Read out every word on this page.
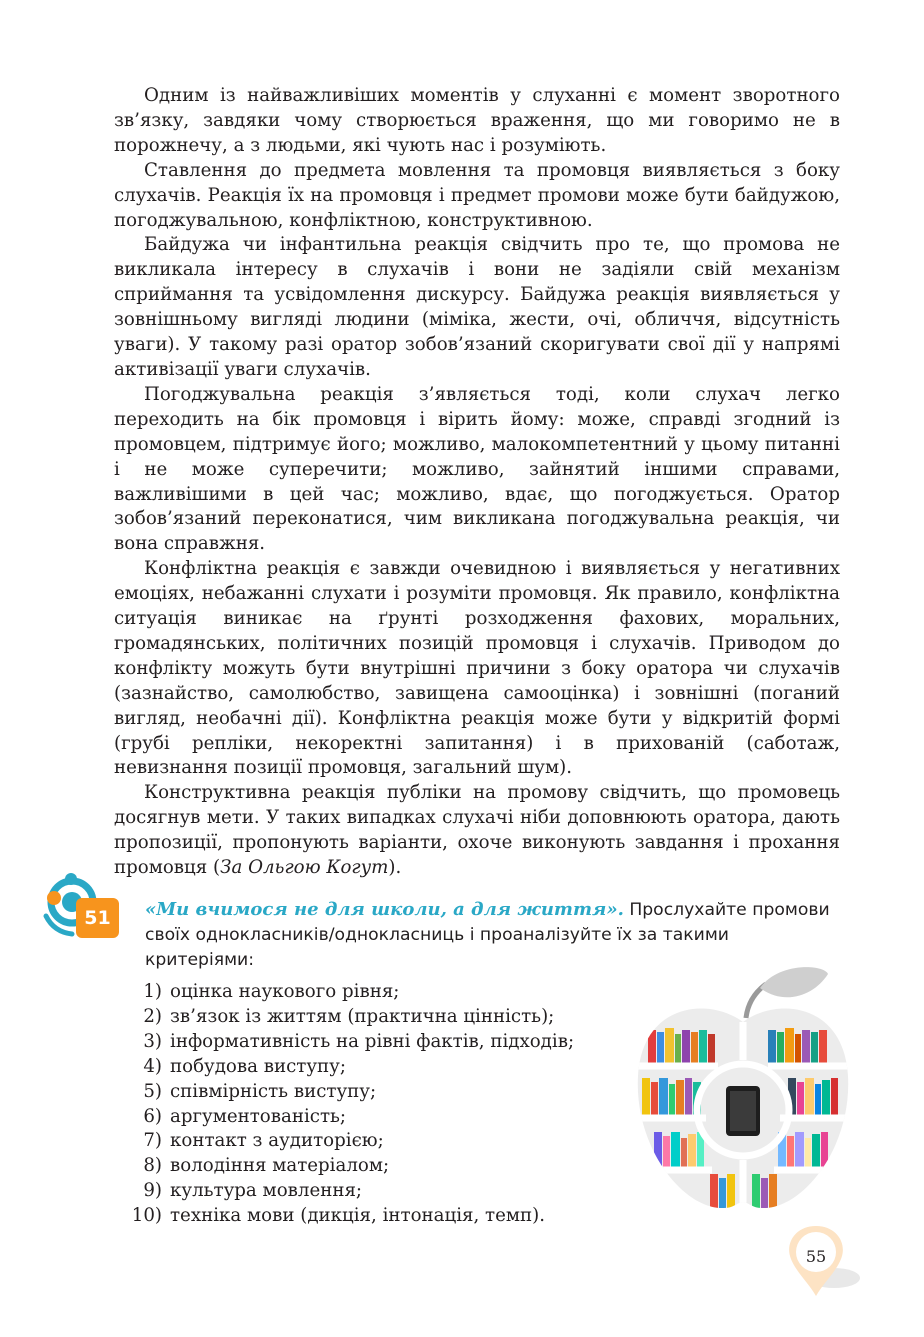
Одним із найважливіших моментів у слуханні є момент зворотного зв’язку, завдяки чому створюється враження, що ми говоримо не в порожнечу, а з людьми, які чують нас і розуміють.

Ставлення до предмета мовлення та промовця виявляється з боку слухачів. Реакція їх на промовця і предмет промови може бути байдужою, погоджувальною, конфліктною, конструктивною.

Байдужа чи інфантильна реакція свідчить про те, що промова не викликала інтересу в слухачів і вони не задіяли свій механізм сприймання та усвідомлення дискурсу. Байдужа реакція виявляється у зовнішньому вигляді людини (міміка, жести, очі, обличчя, відсутність уваги). У такому разі оратор зобов’язаний скоригувати свої дії у напрямі активізації уваги слухачів.

Погоджувальна реакція з’являється тоді, коли слухач легко переходить на бік промовця і вірить йому: може, справді згодний із промовцем, підтримує його; можливо, малокомпетентний у цьому питанні і не може суперечити; можливо, зайнятий іншими справами, важливішими в цей час; можливо, вдає, що погоджується. Оратор зобов’язаний переконатися, чим викликана погоджувальна реакція, чи вона справжня.

Конфліктна реакція є завжди очевидною і виявляється у негативних емоціях, небажанні слухати і розуміти промовця. Як правило, конфліктна ситуація виникає на ґрунті розходження фахових, моральних, громадянських, політичних позицій промовця і слухачів. Приводом до конфлікту можуть бути внутрішні причини з боку оратора чи слухачів (зазнайство, самолюбство, завищена самооцінка) і зовнішні (поганий вигляд, необачні дії). Конфліктна реакція може бути у відкритій формі (грубі репліки, некоректні запитання) і в прихованій (саботаж, невизнання позиції промовця, загальний шум).

Конструктивна реакція публіки на промову свідчить, що промовець досягнув мети. У таких випадках слухачі ніби доповнюють оратора, дають пропозиції, пропонують варіанти, охоче виконують завдання і прохання промовця (За Ольгою Когут).

51	«Ми вчимося не для школи, а для життя». Прослухайте промови своїх однокласників/однокласниць і проаналізуйте їх за такими критеріями:
1) оцінка наукового рівня;
2) зв’язок із життям (практична цінність);
3) інформативність на рівні фактів, підходів;
4) побудова виступу;
5) співмірність виступу;
6) аргументованість;
7) контакт з аудиторією;
8) володіння матеріалом;
9) культура мовлення;
10) техніка мови (дикція, інтонація, темп).
55
